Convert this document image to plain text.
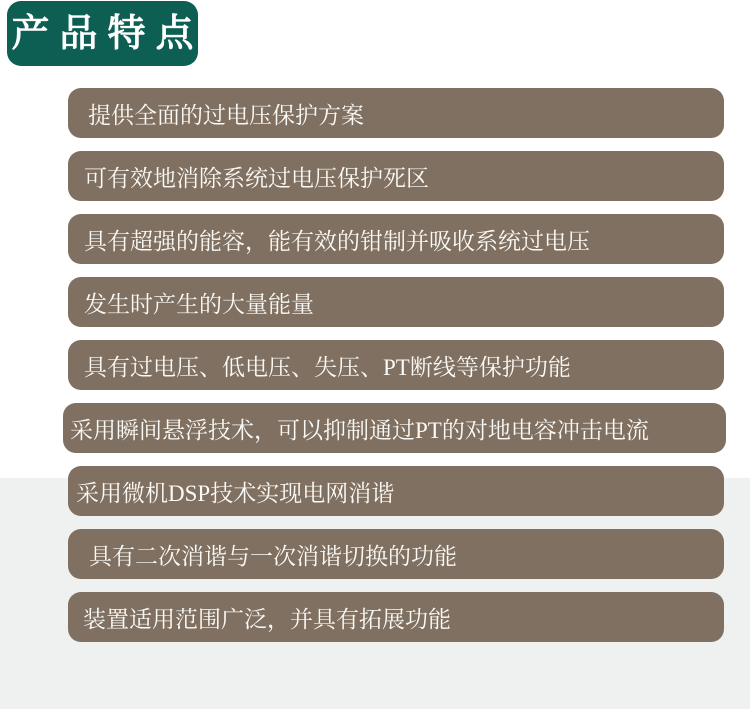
产品特点
提供全面的过电压保护方案
可有效地消除系统过电压保护死区
具有超强的能容，能有效的钳制并吸收系统过电压
发生时产生的大量能量
具有过电压、低电压、失压、PT断线等保护功能
采用瞬间悬浮技术，可以抑制通过PT的对地电容冲击电流
采用微机DSP技术实现电网消谐
具有二次消谐与一次消谐切换的功能
装置适用范围广泛，并具有拓展功能
